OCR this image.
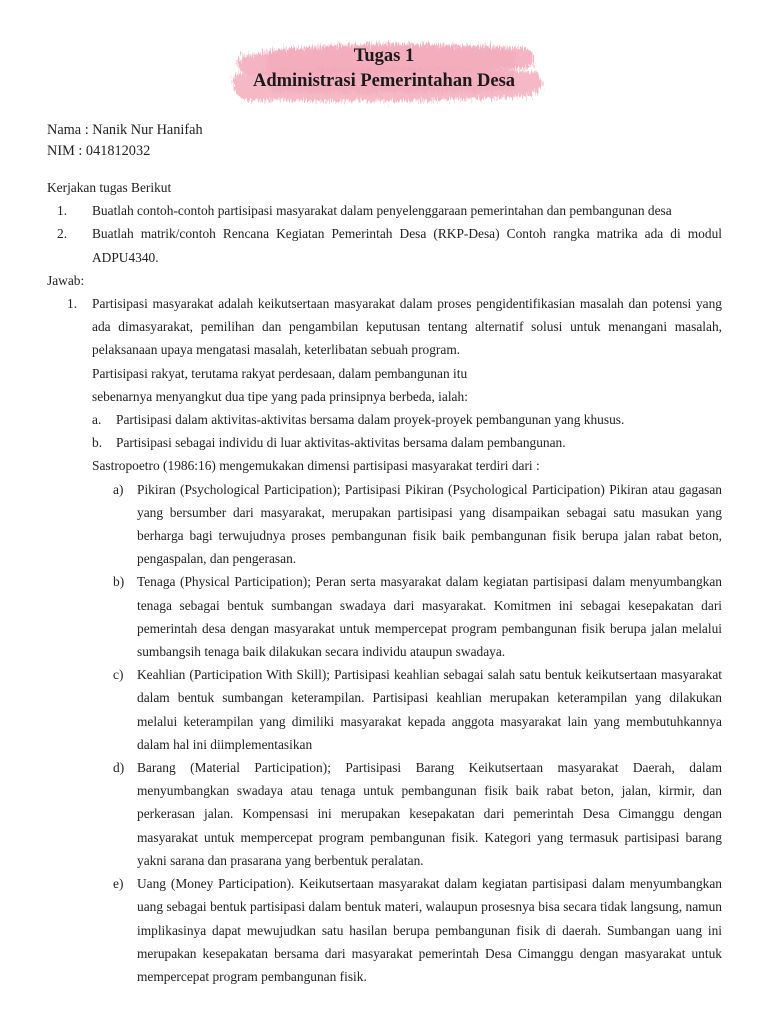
Tugas 1
Administrasi Pemerintahan Desa
Nama : Nanik Nur Hanifah
NIM : 041812032
Kerjakan tugas Berikut
1.	Buatlah contoh-contoh partisipasi masyarakat dalam penyelenggaraan pemerintahan dan pembangunan desa
2.	Buatlah matrik/contoh Rencana Kegiatan Pemerintah Desa (RKP-Desa) Contoh rangka matrika ada di modul ADPU4340.
Jawab:
1.	Partisipasi masyarakat adalah keikutsertaan masyarakat dalam proses pengidentifikasian masalah dan potensi yang ada dimasyarakat, pemilihan dan pengambilan keputusan tentang alternatif solusi untuk menangani masalah, pelaksanaan upaya mengatasi masalah, keterlibatan sebuah program.
Partisipasi rakyat, terutama rakyat perdesaan, dalam pembangunan itu
sebenarnya menyangkut dua tipe yang pada prinsipnya berbeda, ialah:
a.	Partisipasi dalam aktivitas-aktivitas bersama dalam proyek-proyek pembangunan yang khusus.
b.	Partisipasi sebagai individu di luar aktivitas-aktivitas bersama dalam pembangunan.
Sastropoetro (1986:16) mengemukakan dimensi partisipasi masyarakat terdiri dari :
a)	Pikiran (Psychological Participation); Partisipasi Pikiran (Psychological Participation) Pikiran atau gagasan yang bersumber dari masyarakat, merupakan partisipasi yang disampaikan sebagai satu masukan yang berharga bagi terwujudnya proses pembangunan fisik baik pembangunan fisik berupa jalan rabat beton, pengaspalan, dan pengerasan.
b) Tenaga (Physical Participation); Peran serta masyarakat dalam kegiatan partisipasi dalam menyumbangkan tenaga sebagai bentuk sumbangan swadaya dari masyarakat. Komitmen ini sebagai kesepakatan dari pemerintah desa dengan masyarakat untuk mempercepat program pembangunan fisik berupa jalan melalui sumbangsih tenaga baik dilakukan secara individu ataupun swadaya.
c)	Keahlian (Participation With Skill); Partisipasi keahlian sebagai salah satu bentuk keikutsertaan masyarakat dalam bentuk sumbangan keterampilan. Partisipasi keahlian merupakan keterampilan yang dilakukan melalui keterampilan yang dimiliki masyarakat kepada anggota masyarakat lain yang membutuhkannya dalam hal ini diimplementasikan
d) Barang (Material Participation); Partisipasi Barang Keikutsertaan masyarakat Daerah, dalam menyumbangkan swadaya atau tenaga untuk pembangunan fisik baik rabat beton, jalan, kirmir, dan perkerasan jalan. Kompensasi ini merupakan kesepakatan dari pemerintah Desa Cimanggu dengan masyarakat untuk mempercepat program pembangunan fisik. Kategori yang termasuk partisipasi barang yakni sarana dan prasarana yang berbentuk peralatan.
e)	Uang (Money Participation). Keikutsertaan masyarakat dalam kegiatan partisipasi dalam menyumbangkan uang sebagai bentuk partisipasi dalam bentuk materi, walaupun prosesnya bisa secara tidak langsung, namun implikasinya dapat mewujudkan satu hasilan berupa pembangunan fisik di daerah. Sumbangan uang ini merupakan kesepakatan bersama dari masyarakat pemerintah Desa Cimanggu dengan masyarakat untuk mempercepat program pembangunan fisik.
